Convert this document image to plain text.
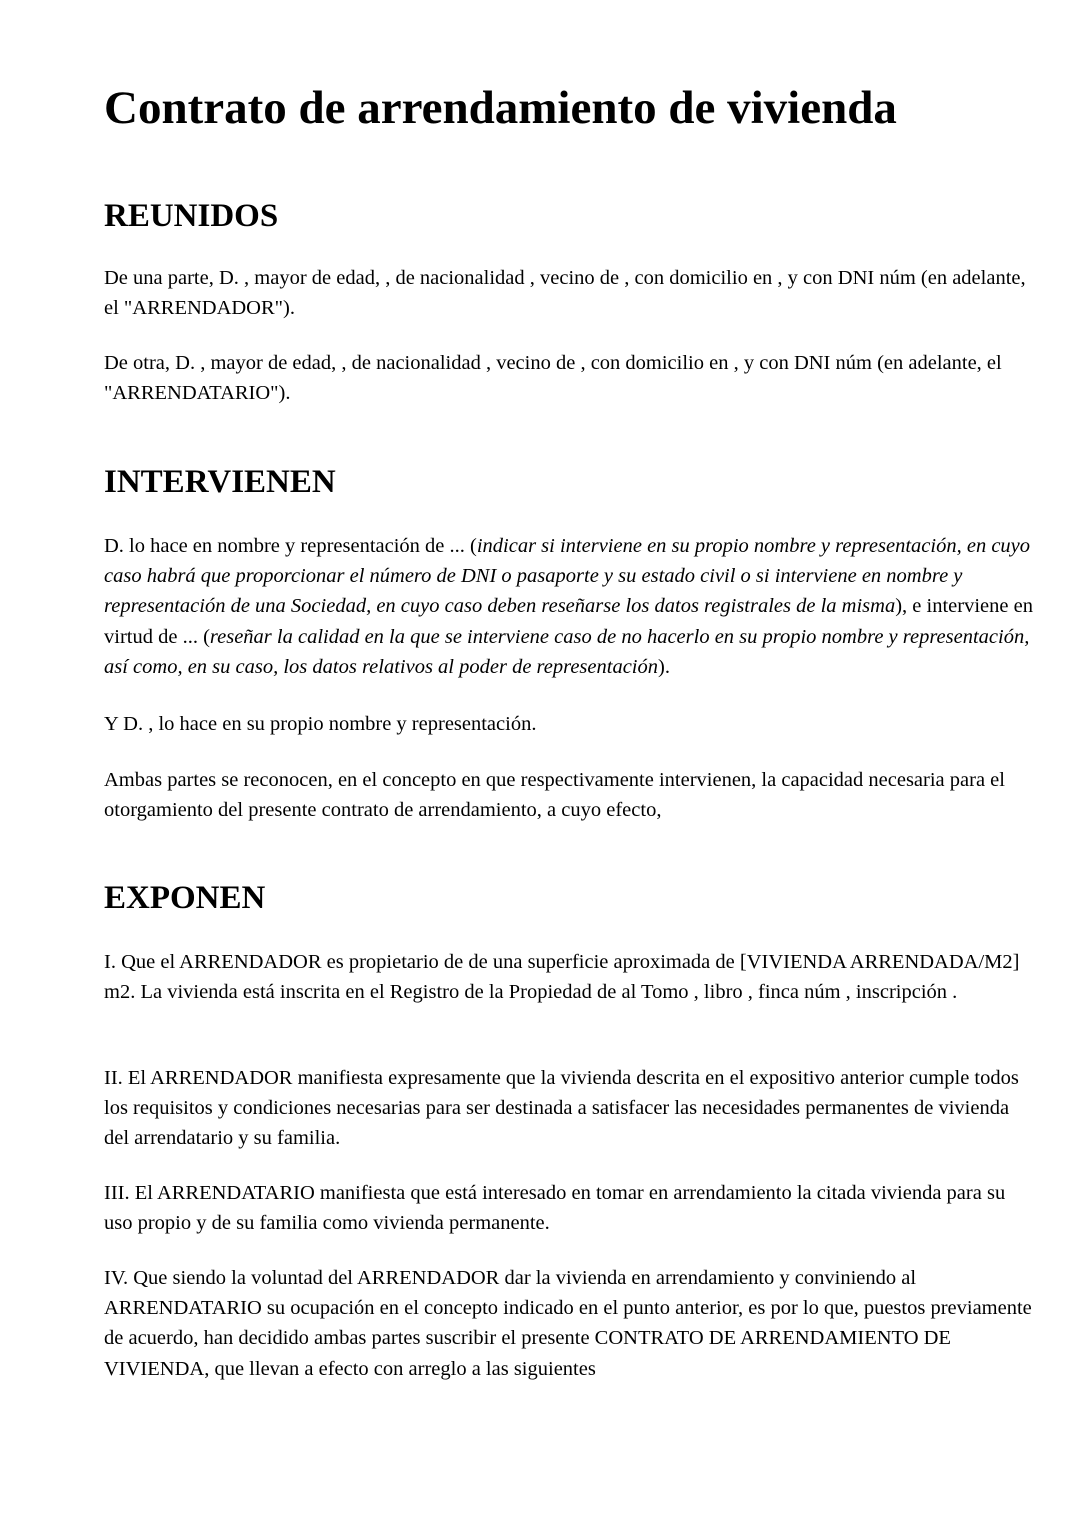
Contrato de arrendamiento de vivienda
REUNIDOS

De una parte, D. , mayor de edad, , de nacionalidad , vecino de , con domicilio en , y con DNI núm (en adelante, el "ARRENDADOR").

De otra, D. , mayor de edad, , de nacionalidad , vecino de , con domicilio en , y con DNI núm (en adelante, el "ARRENDATARIO").

INTERVIENEN

D. lo hace en nombre y representación de ... (indicar si interviene en su propio nombre y representación, en cuyo caso habrá que proporcionar el número de DNI o pasaporte y su estado civil o si interviene en nombre y representación de una Sociedad, en cuyo caso deben reseñarse los datos registrales de la misma), e interviene en virtud de ... (reseñar la calidad en la que se interviene caso de no hacerlo en su propio nombre y representación, así como, en su caso, los datos relativos al poder de representación).

Y D. , lo hace en su propio nombre y representación.

Ambas partes se reconocen, en el concepto en que respectivamente intervienen, la capacidad necesaria para el otorgamiento del presente contrato de arrendamiento, a cuyo efecto,

EXPONEN

I. Que el ARRENDADOR es propietario de de una superficie aproximada de [VIVIENDA ARRENDADA/M2] m2. La vivienda está inscrita en el Registro de la Propiedad de al Tomo , libro , finca núm , inscripción .

II. El ARRENDADOR manifiesta expresamente que la vivienda descrita en el expositivo anterior cumple todos los requisitos y condiciones necesarias para ser destinada a satisfacer las necesidades permanentes de vivienda del arrendatario y su familia.

III. El ARRENDATARIO manifiesta que está interesado en tomar en arrendamiento la citada vivienda para su uso propio y de su familia como vivienda permanente.

IV. Que siendo la voluntad del ARRENDADOR dar la vivienda en arrendamiento y conviniendo al ARRENDATARIO su ocupación en el concepto indicado en el punto anterior, es por lo que, puestos previamente de acuerdo, han decidido ambas partes suscribir el presente CONTRATO DE ARRENDAMIENTO DE VIVIENDA, que llevan a efecto con arreglo a las siguientes
